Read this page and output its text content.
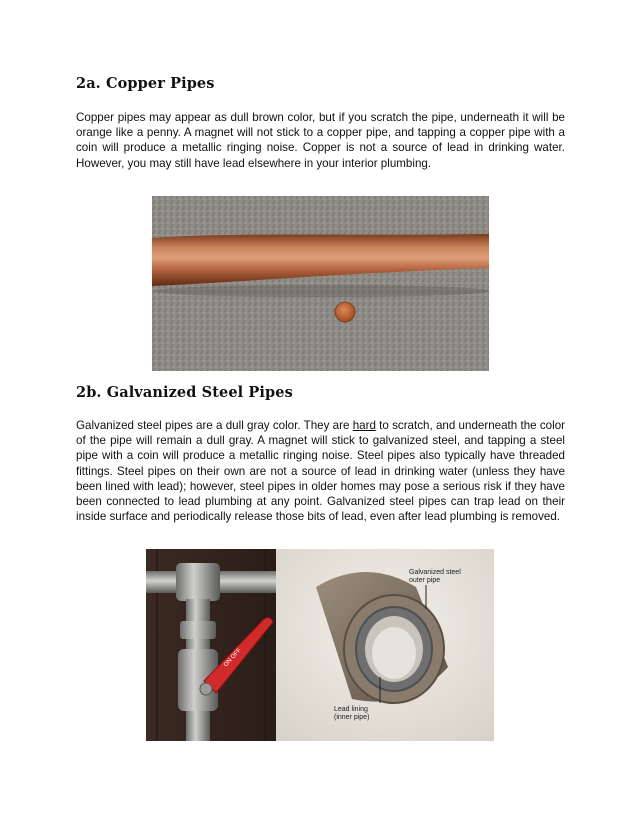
2a. Copper Pipes

Copper pipes may appear as dull brown color, but if you scratch the pipe, underneath it will be orange like a penny. A magnet will not stick to a copper pipe, and tapping a copper pipe with a coin will produce a metallic ringing noise. Copper is not a source of lead in drinking water. However, you may still have lead elsewhere in your interior plumbing.

2b. Galvanized Steel Pipes

Galvanized steel pipes are a dull gray color. They are hard to scratch, and underneath the color of the pipe will remain a dull gray. A magnet will stick to galvanized steel, and tapping a steel pipe with a coin will produce a metallic ringing noise. Steel pipes also typically have threaded fittings. Steel pipes on their own are not a source of lead in drinking water (unless they have been lined with lead); however, steel pipes in older homes may pose a serious risk if they have been connected to lead plumbing at any point. Galvanized steel pipes can trap lead on their inside surface and periodically release those bits of lead, even after lead plumbing is removed.

ON OFF
Galvanized steel
outer pipe
Lead lining
(inner pipe)
